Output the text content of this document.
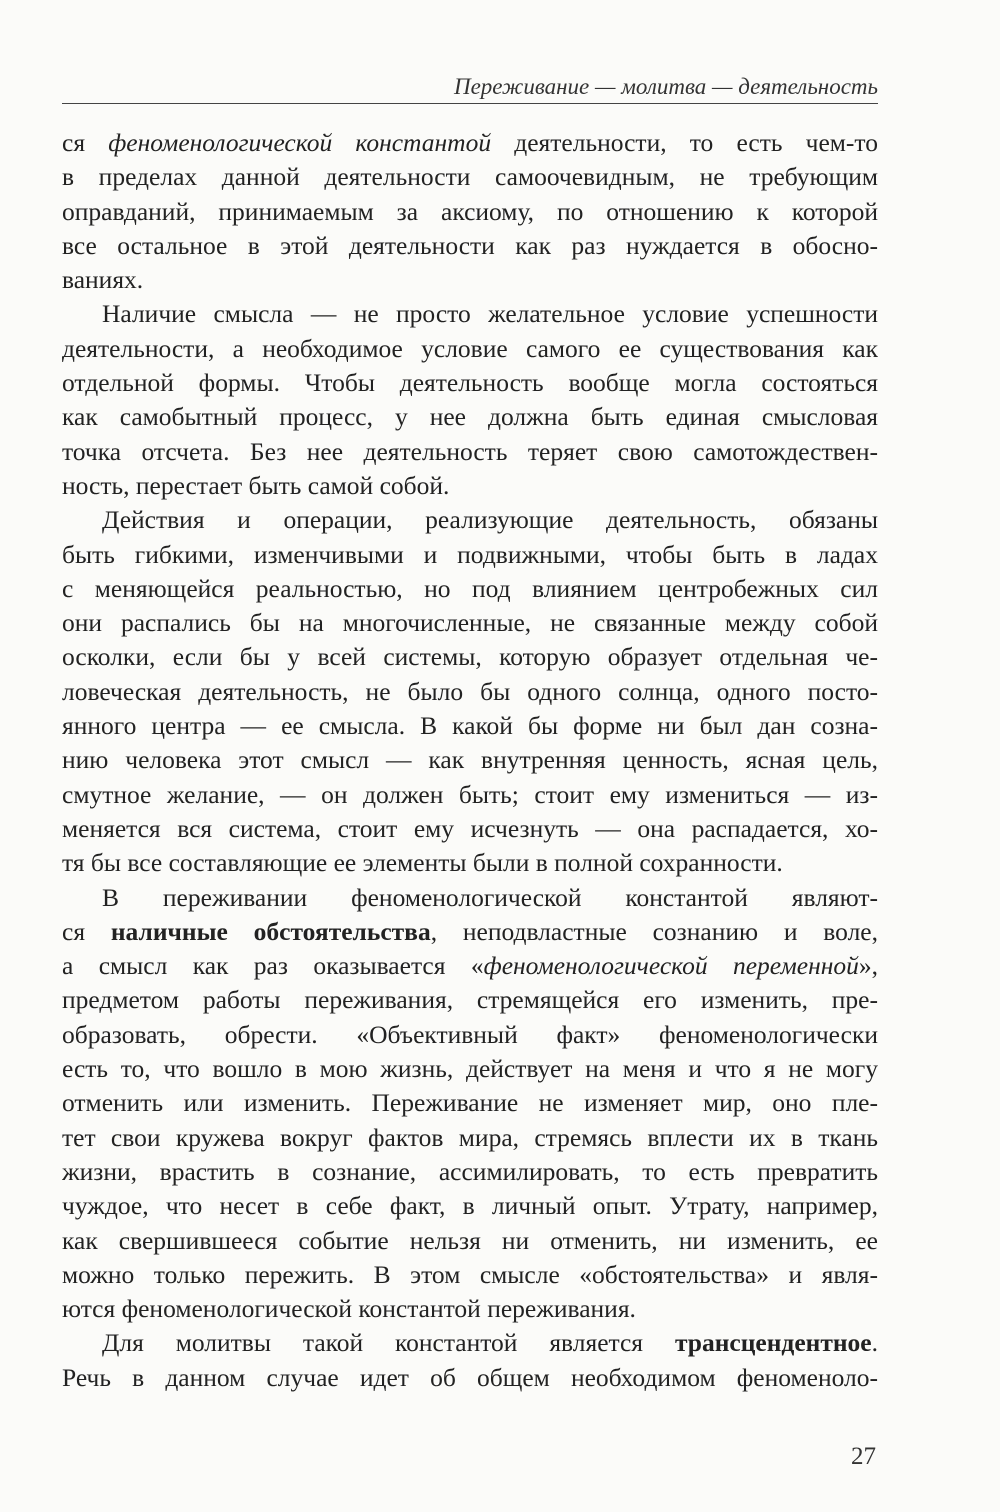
Переживание — молитва — деятельность
ся феноменологической константой деятельности, то есть чем-то
в пределах данной деятельности самоочевидным, не требующим
оправданий, принимаемым за аксиому, по отношению к которой
все остальное в этой деятельности как раз нуждается в обосно-
ваниях.
Наличие смысла — не просто желательное условие успешности
деятельности, а необходимое условие самого ее существования как
отдельной формы. Чтобы деятельность вообще могла состояться
как самобытный процесс, у нее должна быть единая смысловая
точка отсчета. Без нее деятельность теряет свою самотождествен-
ность, перестает быть самой собой.
Действия и операции, реализующие деятельность, обязаны
быть гибкими, изменчивыми и подвижными, чтобы быть в ладах
с меняющейся реальностью, но под влиянием центробежных сил
они распались бы на многочисленные, не связанные между собой
осколки, если бы у всей системы, которую образует отдельная че-
ловеческая деятельность, не было бы одного солнца, одного посто-
янного центра — ее смысла. В какой бы форме ни был дан созна-
нию человека этот смысл — как внутренняя ценность, ясная цель,
смутное желание, — он должен быть; стоит ему измениться — из-
меняется вся система, стоит ему исчезнуть — она распадается, хо-
тя бы все составляющие ее элементы были в полной сохранности.
В переживании феноменологической константой являют-
ся наличные обстоятельства, неподвластные сознанию и воле,
а смысл как раз оказывается «феноменологической переменной»,
предметом работы переживания, стремящейся его изменить, пре-
образовать, обрести. «Объективный факт» феноменологически
есть то, что вошло в мою жизнь, действует на меня и что я не могу
отменить или изменить. Переживание не изменяет мир, оно пле-
тет свои кружева вокруг фактов мира, стремясь вплести их в ткань
жизни, врастить в сознание, ассимилировать, то есть превратить
чуждое, что несет в себе факт, в личный опыт. Утрату, например,
как свершившееся событие нельзя ни отменить, ни изменить, ее
можно только пережить. В этом смысле «обстоятельства» и явля-
ются феноменологической константой переживания.
Для молитвы такой константой является трансцендентное.
Речь в данном случае идет об общем необходимом феноменоло-
27
